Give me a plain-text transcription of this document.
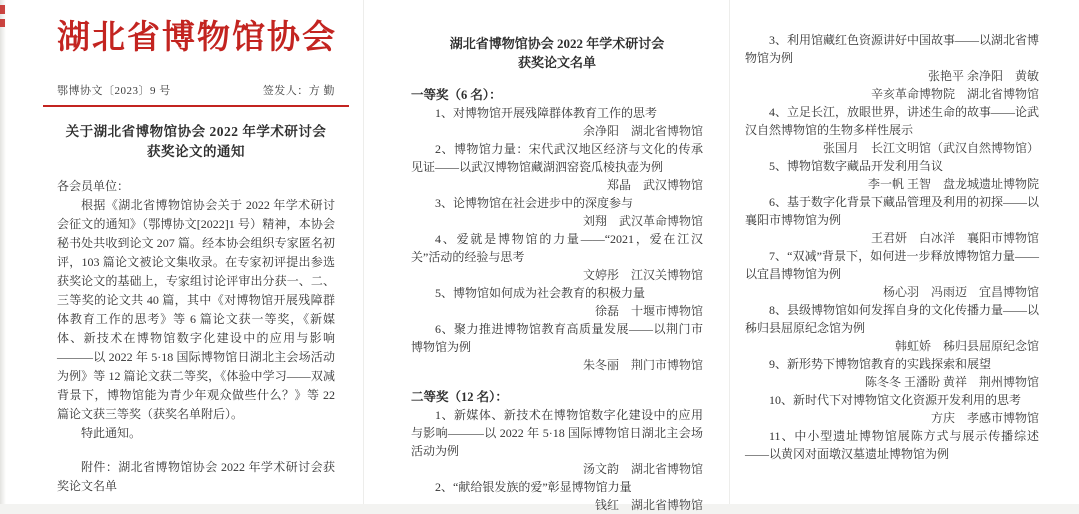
湖北省博物馆协会
鄂博协文〔2023〕9 号	签发人：方 勤
关于湖北省博物馆协会 2022 年学术研讨会
获奖论文的通知
各会员单位：

根据《湖北省博物馆协会关于 2022 年学术研讨会征文的通知》（鄂博协文[2022]1 号）精神，本协会秘书处共收到论文 207 篇。经本协会组织专家匿名初评，103 篇论文被论文集收录。在专家初评提出参选获奖论文的基础上，专家组讨论评审出分获一、二、三等奖的论文共 40 篇，其中《对博物馆开展残障群体教育工作的思考》等 6 篇论文获一等奖，《新媒体、新技术在博物馆数字化建设中的应用与影响———以 2022 年 5·18 国际博物馆日湖北主会场活动为例》等 12 篇论文获二等奖，《体验中学习——双减背景下，博物馆能为青少年观众做些什么？》等 22 篇论文获三等奖（获奖名单附后）。

特此通知。
附件：湖北省博物馆协会 2022 年学术研讨会获奖论文名单
湖北省博物馆协会 2022 年学术研讨会
获奖论文名单
一等奖（6 名）：
1、对博物馆开展残障群体教育工作的思考
余净阳　湖北省博物馆
2、博物馆力量：宋代武汉地区经济与文化的传承见证——以武汉博物馆藏湖泗窑瓷瓜棱执壶为例
郑晶　武汉博物馆
3、论博物馆在社会进步中的深度参与
刘翔　武汉革命博物馆
4、爱就是博物馆的力量——“2021，爱在江汉关”活动的经验与思考
文婷彤　江汉关博物馆
5、博物馆如何成为社会教育的积极力量
徐磊　十堰市博物馆
6、聚力推进博物馆教育高质量发展——以荆门市博物馆为例
朱冬丽　荆门市博物馆
二等奖（12 名）：
1、新媒体、新技术在博物馆数字化建设中的应用与影响———以 2022 年 5·18 国际博物馆日湖北主会场活动为例
汤文韵　湖北省博物馆
2、“献给银发族的爱”彰显博物馆力量
钱红　湖北省博物馆
3、利用馆藏红色资源讲好中国故事——以湖北省博物馆为例
张艳平 余净阳　黄敏
辛亥革命博物院　湖北省博物馆
4、立足长江，放眼世界，讲述生命的故事——论武汉自然博物馆的生物多样性展示
张国月　长江文明馆（武汉自然博物馆）
5、博物馆数字藏品开发利用刍议
李一帆 王智　盘龙城遗址博物院
6、基于数字化背景下藏品管理及利用的初探——以襄阳市博物馆为例
王君妍　白冰洋　襄阳市博物馆
7、“双减”背景下，如何进一步释放博物馆力量——以宜昌博物馆为例
杨心羽　冯雨迈　宜昌博物馆
8、县级博物馆如何发挥自身的文化传播力量——以秭归县屈原纪念馆为例
韩虹娇　秭归县屈原纪念馆
9、新形势下博物馆教育的实践探索和展望
陈冬冬 王潘盼 黄祥　荆州博物馆
10、新时代下对博物馆文化资源开发利用的思考
方庆　孝感市博物馆
11、中小型遗址博物馆展陈方式与展示传播综述——以黄冈对面墩汉墓遗址博物馆为例
